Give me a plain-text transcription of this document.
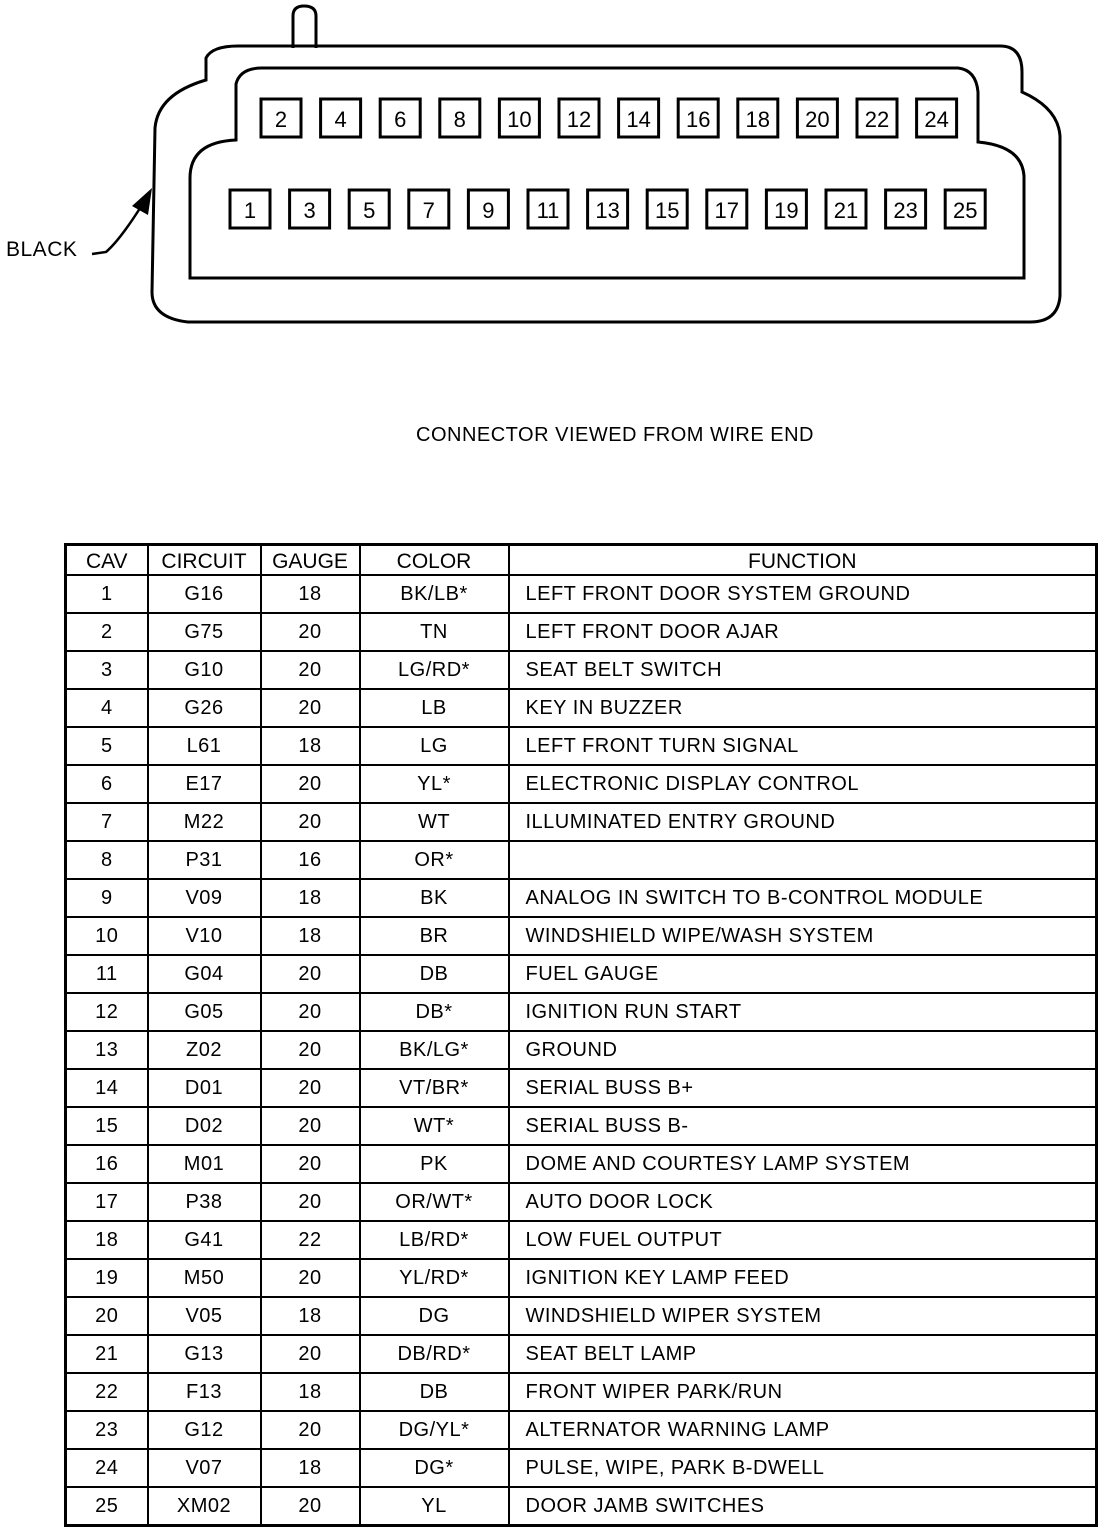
2 4 6 8 10 12 14 16 18 20 22 24
1 3 5 7 9 11 13 15 17 19 21 23 25
BLACK
CONNECTOR VIEWED FROM WIRE END
CAV	CIRCUIT	GAUGE	COLOR	FUNCTION
1	G16	18	BK/LB*	LEFT FRONT DOOR SYSTEM GROUND
2	G75	20	TN	LEFT FRONT DOOR AJAR
3	G10	20	LG/RD*	SEAT BELT SWITCH
4	G26	20	LB	KEY IN BUZZER
5	L61	18	LG	LEFT FRONT TURN SIGNAL
6	E17	20	YL*	ELECTRONIC DISPLAY CONTROL
7	M22	20	WT	ILLUMINATED ENTRY GROUND
8	P31	16	OR*	
9	V09	18	BK	ANALOG IN SWITCH TO B-CONTROL MODULE
10	V10	18	BR	WINDSHIELD WIPE/WASH SYSTEM
11	G04	20	DB	FUEL GAUGE
12	G05	20	DB*	IGNITION RUN START
13	Z02	20	BK/LG*	GROUND
14	D01	20	VT/BR*	SERIAL BUSS B+
15	D02	20	WT*	SERIAL BUSS B-
16	M01	20	PK	DOME AND COURTESY LAMP SYSTEM
17	P38	20	OR/WT*	AUTO DOOR LOCK
18	G41	22	LB/RD*	LOW FUEL OUTPUT
19	M50	20	YL/RD*	IGNITION KEY LAMP FEED
20	V05	18	DG	WINDSHIELD WIPER SYSTEM
21	G13	20	DB/RD*	SEAT BELT LAMP
22	F13	18	DB	FRONT WIPER PARK/RUN
23	G12	20	DG/YL*	ALTERNATOR WARNING LAMP
24	V07	18	DG*	PULSE, WIPE, PARK B-DWELL
25	XM02	20	YL	DOOR JAMB SWITCHES
